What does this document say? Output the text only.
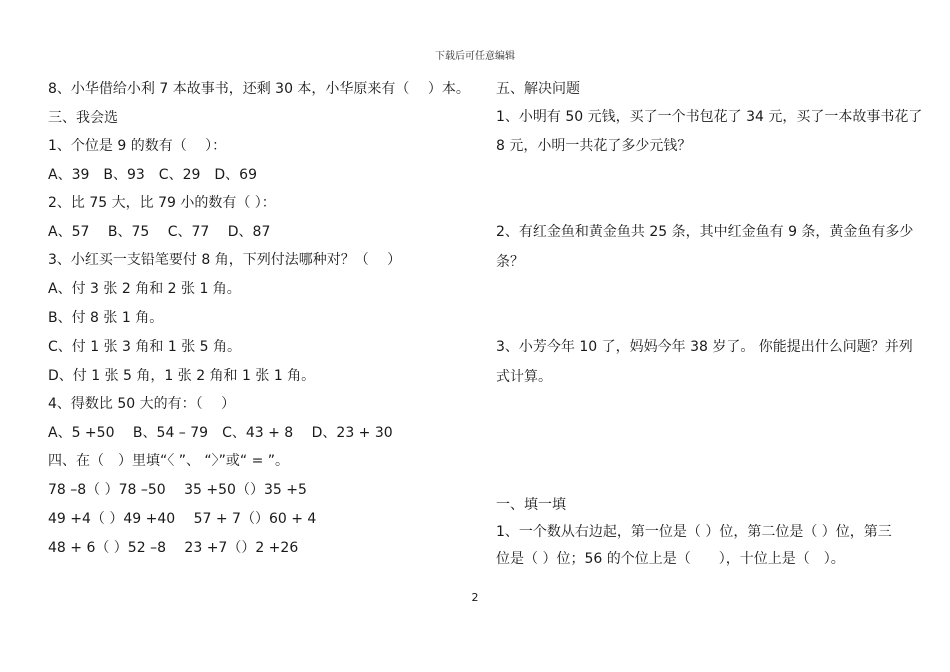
下载后可任意编辑
8、小华借给小利 7 本故事书，还剩 30 本，小华原来有（　 ）本。
三、我会选
1、个位是 9 的数有（　 ）：
A、39　B、93　C、29　D、69
2、比 75 大，比 79 小的数有（ ）：
A、57　 B、75　 C、77　 D、87
3、小红买一支铅笔要付 8 角，下列付法哪种对？（　 ）
A、付 3 张 2 角和 2 张 1 角。
B、付 8 张 1 角。
C、付 1 张 3 角和 1 张 5 角。
D、付 1 张 5 角，1 张 2 角和 1 张 1 角。
4、得数比 50 大的有：（　 ）
A、5 +50　 B、54 – 79　C、43 + 8　 D、23 + 30
四、在（　）里填“〈 ”、 “〉”或“ = ”。
78 –8（ ）78 –50　 35 +50（）35 +5
49 +4（ ）49 +40　 57 + 7（）60 + 4
48 + 6（ ）52 –8　 23 +7（）2 +26
五、解决问题
1、小明有 50 元钱，买了一个书包花了 34 元，买了一本故事书花了
8 元，小明一共花了多少元钱？
2、有红金鱼和黄金鱼共 25 条，其中红金鱼有 9 条，黄金鱼有多少
条？
3、小芳今年 10 了，妈妈今年 38 岁了。 你能提出什么问题？并列
式计算。
一、填一填
1、一个数从右边起，第一位是（ ）位，第二位是（ ）位，第三
位是（ ）位；56 的个位上是（　　），十位上是（　）。
2
